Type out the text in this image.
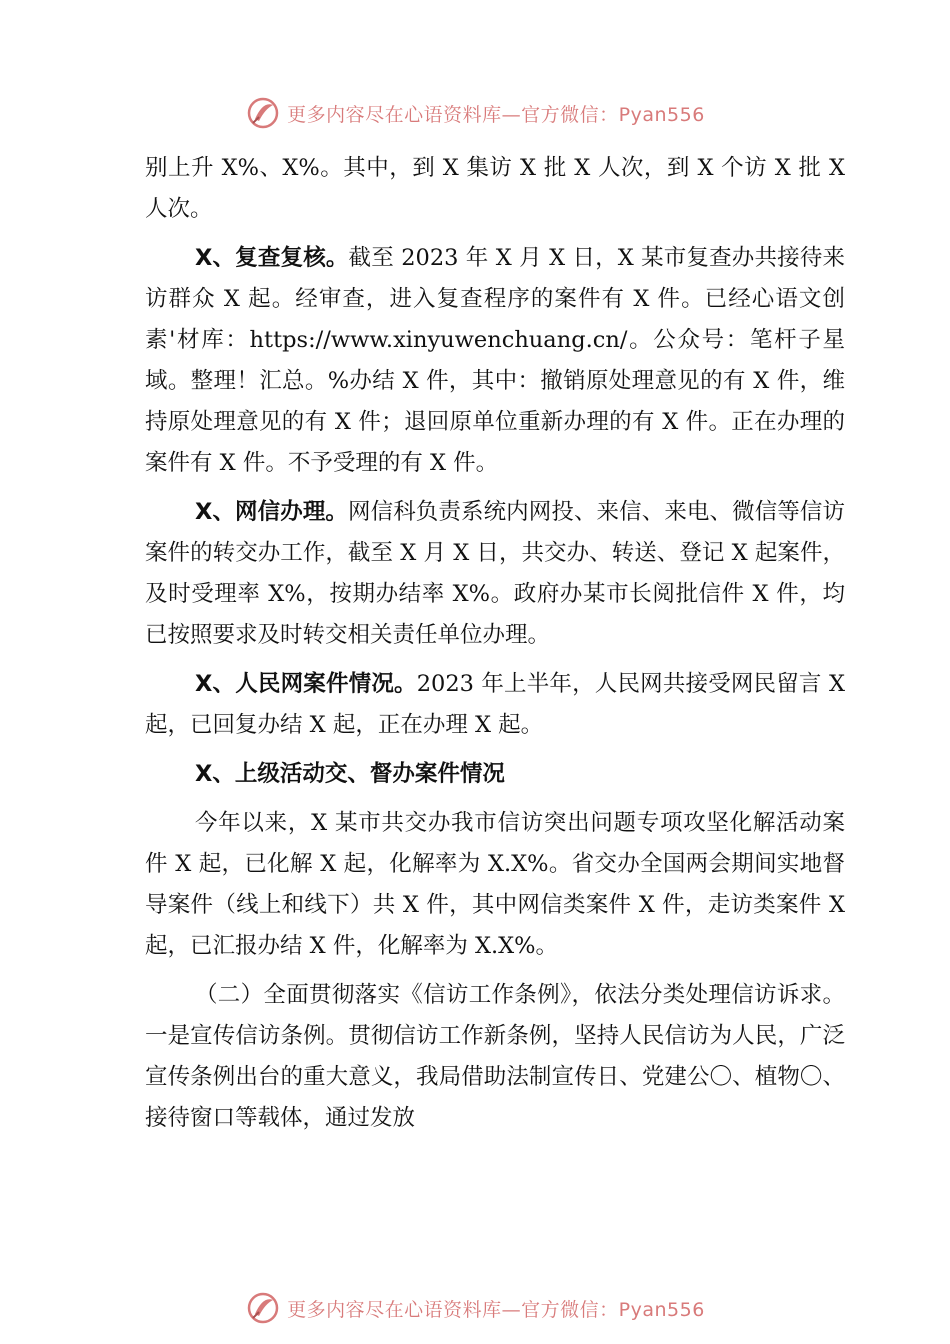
更多内容尽在心语资料库—官方微信：Pyan556

别上升 X%、X%。其中，到 X 集访 X 批 X 人次，到 X 个访 X 批 X 人次。

X、复查复核。截至 2023 年 X 月 X 日，X 某市复查办共接待来访群众 X 起。经审查，进入复查程序的案件有 X 件。已经心语文创素'材库：https://www.xinyuwenchuang.cn/。公众号：笔杆子星域。整理！汇总。%办结 X 件，其中：撤销原处理意见的有 X 件，维持原处理意见的有 X 件；退回原单位重新办理的有 X 件。正在办理的案件有 X 件。不予受理的有 X 件。

X、网信办理。网信科负责系统内网投、来信、来电、微信等信访案件的转交办工作，截至 X 月 X 日，共交办、转送、登记 X 起案件，及时受理率 X%，按期办结率 X%。政府办某市长阅批信件 X 件，均已按照要求及时转交相关责任单位办理。

X、人民网案件情况。2023 年上半年，人民网共接受网民留言 X 起，已回复办结 X 起，正在办理 X 起。

X、上级活动交、督办案件情况

今年以来，X 某市共交办我市信访突出问题专项攻坚化解活动案件 X 起，已化解 X 起，化解率为 X.X%。省交办全国两会期间实地督导案件（线上和线下）共 X 件，其中网信类案件 X 件，走访类案件 X 起，已汇报办结 X 件，化解率为 X.X%。

（二）全面贯彻落实《信访工作条例》，依法分类处理信访诉求。一是宣传信访条例。贯彻信访工作新条例，坚持人民信访为人民，广泛宣传条例出台的重大意义，我局借助法制宣传日、党建公〇、植物〇、接待窗口等载体，通过发放

更多内容尽在心语资料库—官方微信：Pyan556
